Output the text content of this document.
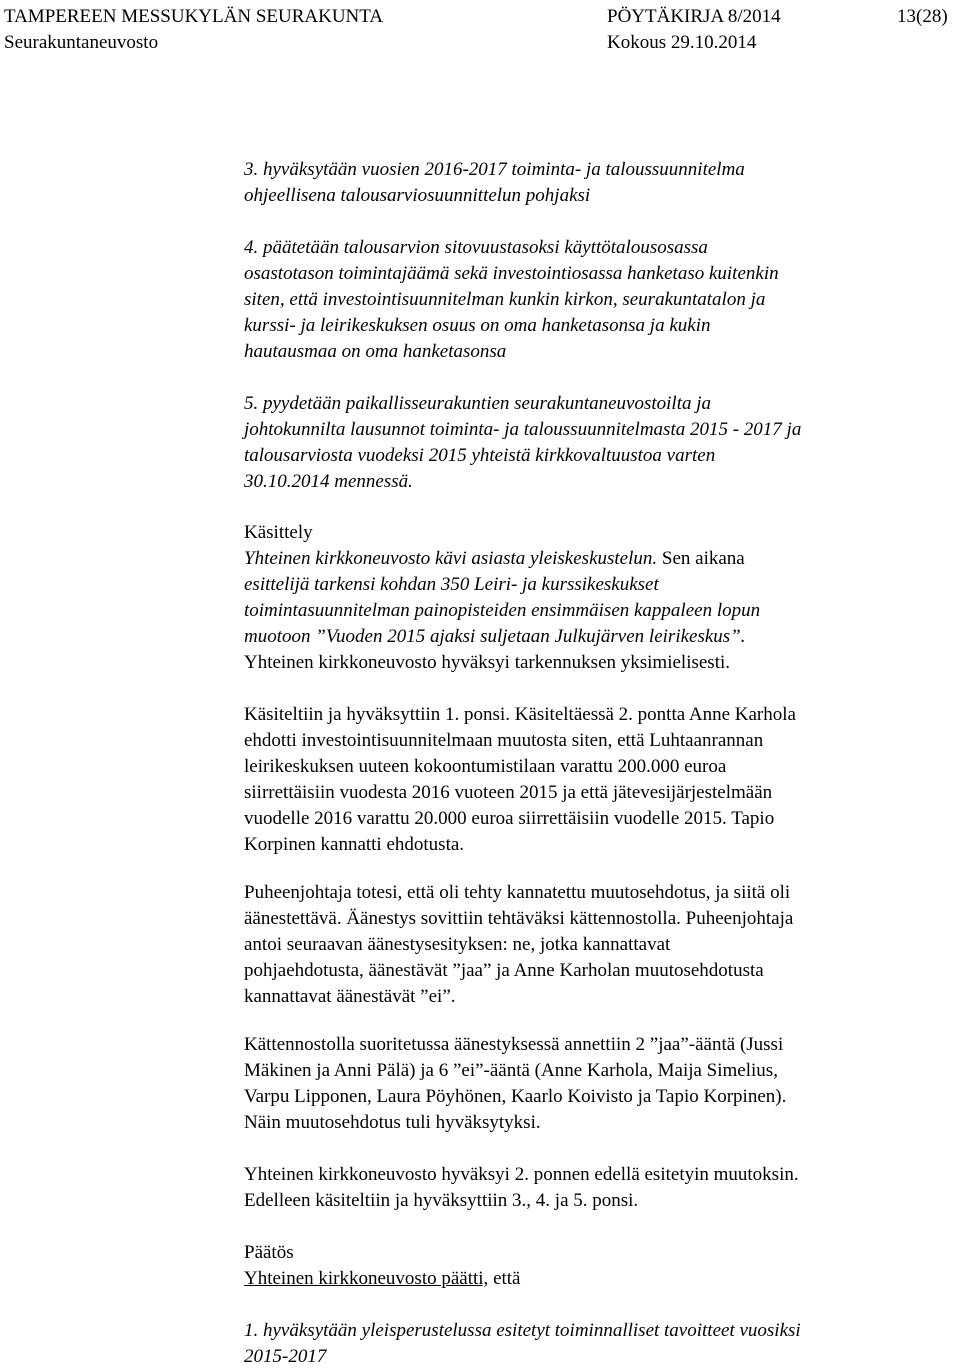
TAMPEREEN MESSUKYLÄN SEURAKUNTA	PÖYTÄKIRJA 8/2014	13(28)
Seurakuntaneuvosto	Kokous 29.10.2014
3. hyväksytään vuosien 2016-2017 toiminta- ja taloussuunnitelma
ohjeellisena talousarviosuunnittelun pohjaksi
4. päätetään talousarvion sitovuustasoksi käyttötalousosassa
osastotason toimintajäämä sekä investointiosassa hanketaso kuitenkin
siten, että investointisuunnitelman kunkin kirkon, seurakuntatalon ja
kurssi- ja leirikeskuksen osuus on oma hanketasonsa ja kukin
hautausmaa on oma hanketasonsa
5. pyydetään paikallisseurakuntien seurakuntaneuvostoilta ja
johtokunnilta lausunnot toiminta- ja taloussuunnitelmasta 2015 - 2017 ja
talousarviosta vuodeksi 2015 yhteistä kirkkovaltuustoa varten
30.10.2014 mennessä.
Käsittely
Yhteinen kirkkoneuvosto kävi asiasta yleiskeskustelun. Sen aikana
esittelijä tarkensi kohdan 350 Leiri- ja kurssikeskukset
toimintasuunnitelman painopisteiden ensimmäisen kappaleen lopun
muotoon ”Vuoden 2015 ajaksi suljetaan Julkujärven leirikeskus”.
Yhteinen kirkkoneuvosto hyväksyi tarkennuksen yksimielisesti.
Käsiteltiin ja hyväksyttiin 1. ponsi. Käsiteltäessä 2. pontta Anne Karhola
ehdotti investointisuunnitelmaan muutosta siten, että Luhtaanrannan
leirikeskuksen uuteen kokoontumistilaan varattu 200.000 euroa
siirrettäisiin vuodesta 2016 vuoteen 2015 ja että jätevesijärjestelmään
vuodelle 2016 varattu 20.000 euroa siirrettäisiin vuodelle 2015. Tapio
Korpinen kannatti ehdotusta.
Puheenjohtaja totesi, että oli tehty kannatettu muutosehdotus, ja siitä oli
äänestettävä. Äänestys sovittiin tehtäväksi kättennostolla. Puheenjohtaja
antoi seuraavan äänestysesityksen: ne, jotka kannattavat
pohjaehdotusta, äänestävät ”jaa” ja Anne Karholan muutosehdotusta
kannattavat äänestävät ”ei”.
Kättennostolla suoritetussa äänestyksessä annettiin 2 ”jaa”-ääntä (Jussi
Mäkinen ja Anni Pälä) ja 6 ”ei”-ääntä (Anne Karhola, Maija Simelius,
Varpu Lipponen, Laura Pöyhönen, Kaarlo Koivisto ja Tapio Korpinen).
Näin muutosehdotus tuli hyväksytyksi.
Yhteinen kirkkoneuvosto hyväksyi 2. ponnen edellä esitetyin muutoksin.
Edelleen käsiteltiin ja hyväksyttiin 3., 4. ja 5. ponsi.
Päätös
Yhteinen kirkkoneuvosto päätti, että
1. hyväksytään yleisperustelussa esitetyt toiminnalliset tavoitteet vuosiksi
2015-2017
